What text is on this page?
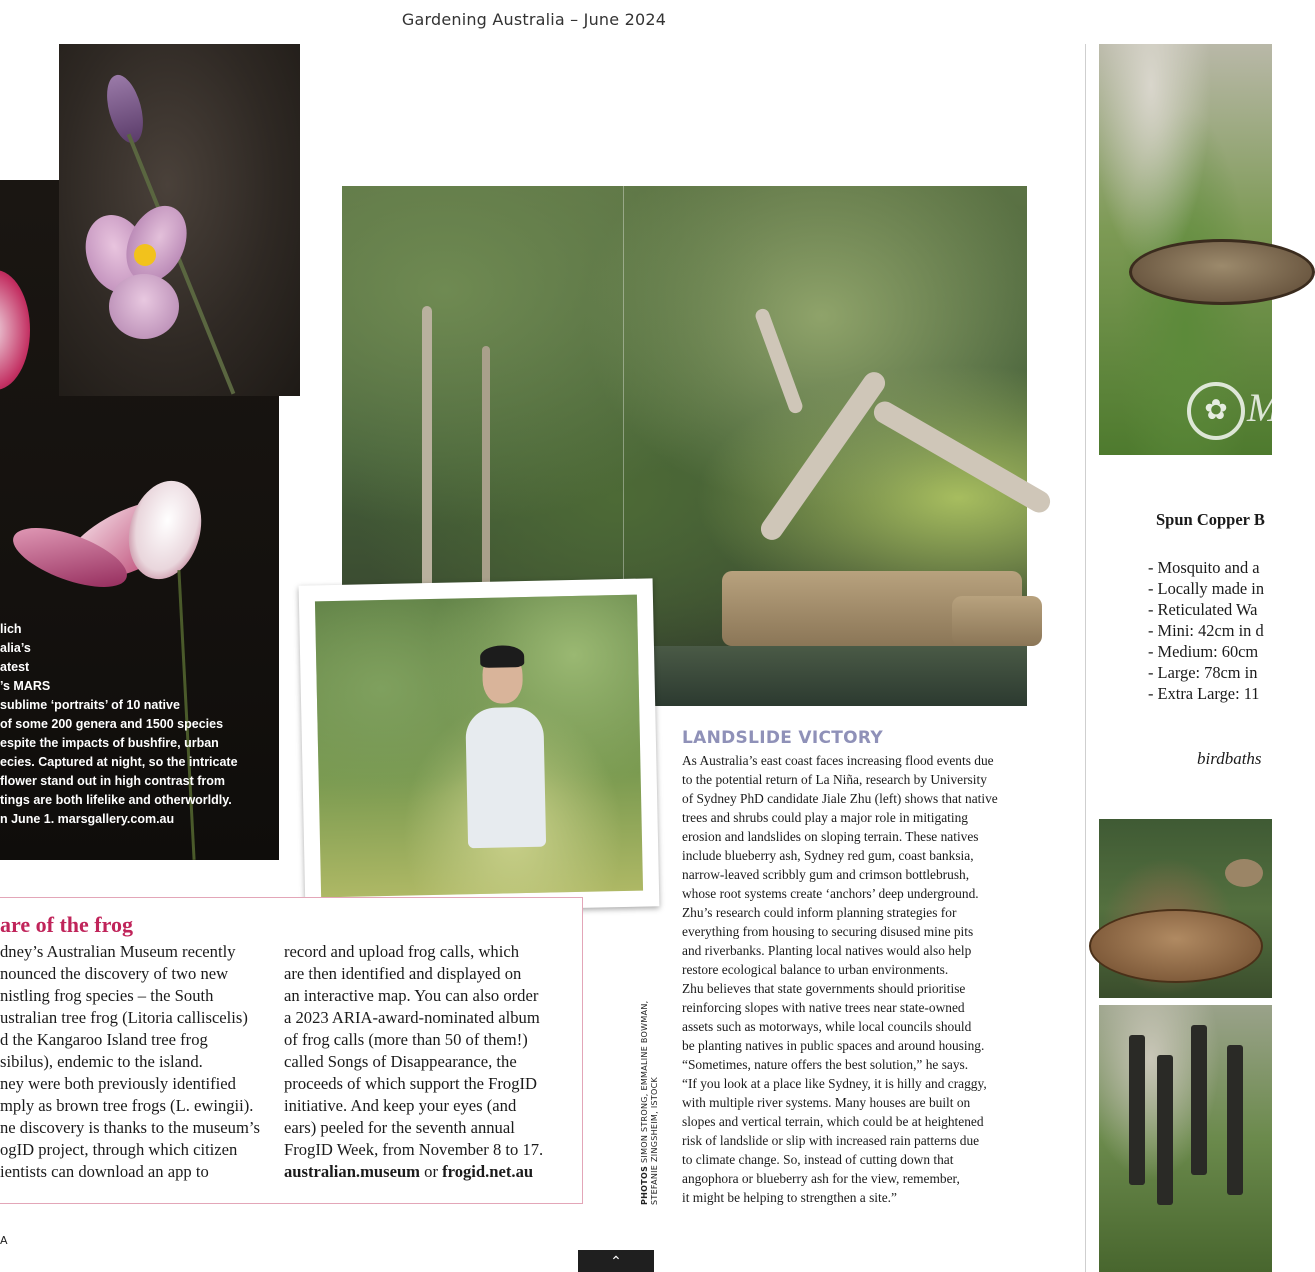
Gardening Australia – June 2024
lich
alia’s
atest
’s MARS
sublime ‘portraits’ of 10 native
of some 200 genera and 1500 species
espite the impacts of bushfire, urban
ecies. Captured at night, so the intricate
flower stand out in high contrast from
tings are both lifelike and otherworldly.
n June 1. marsgallery.com.au
are of the frog
dney’s Australian Museum recently
nounced the discovery of two new
nistling frog species – the South
ustralian tree frog (Litoria calliscelis)
d the Kangaroo Island tree frog
sibilus), endemic to the island.
ney were both previously identified
mply as brown tree frogs (L. ewingii).
ne discovery is thanks to the museum’s
ogID project, through which citizen
ientists can download an app to
record and upload frog calls, which
are then identified and displayed on
an interactive map. You can also order
a 2023 ARIA-award-nominated album
of frog calls (more than 50 of them!)
called Songs of Disappearance, the
proceeds of which support the FrogID
initiative. And keep your eyes (and
ears) peeled for the seventh annual
FrogID Week, from November 8 to 17.
australian.museum or frogid.net.au
LANDSLIDE VICTORY
As Australia’s east coast faces increasing flood events due
to the potential return of La Niña, research by University
of Sydney PhD candidate Jiale Zhu (left) shows that native
trees and shrubs could play a major role in mitigating
erosion and landslides on sloping terrain. These natives
include blueberry ash, Sydney red gum, coast banksia,
narrow-leaved scribbly gum and crimson bottlebrush,
whose root systems create ‘anchors’ deep underground.
Zhu’s research could inform planning strategies for
everything from housing to securing disused mine pits
and riverbanks. Planting local natives would also help
restore ecological balance to urban environments.
Zhu believes that state governments should prioritise
reinforcing slopes with native trees near state-owned
assets such as motorways, while local councils should
be planting natives in public spaces and around housing.
“Sometimes, nature offers the best solution,” he says.
“If you look at a place like Sydney, it is hilly and craggy,
with multiple river systems. Many houses are built on
slopes and vertical terrain, which could be at heightened
risk of landslide or slip with increased rain patterns due
to climate change. So, instead of cutting down that
angophora or blueberry ash for the view, remember,
it might be helping to strengthen a site.”
PHOTOS SIMON STRONG, EMMALINE BOWMAN, STEFANIE ZINGSHEIM, ISTOCK
✿ M
Spun Copper B
- Mosquito and a
- Locally made in
- Reticulated Wa
- Mini: 42cm in d
- Medium: 60cm
- Large: 78cm in
- Extra Large: 11
birdbaths
A
⌃
